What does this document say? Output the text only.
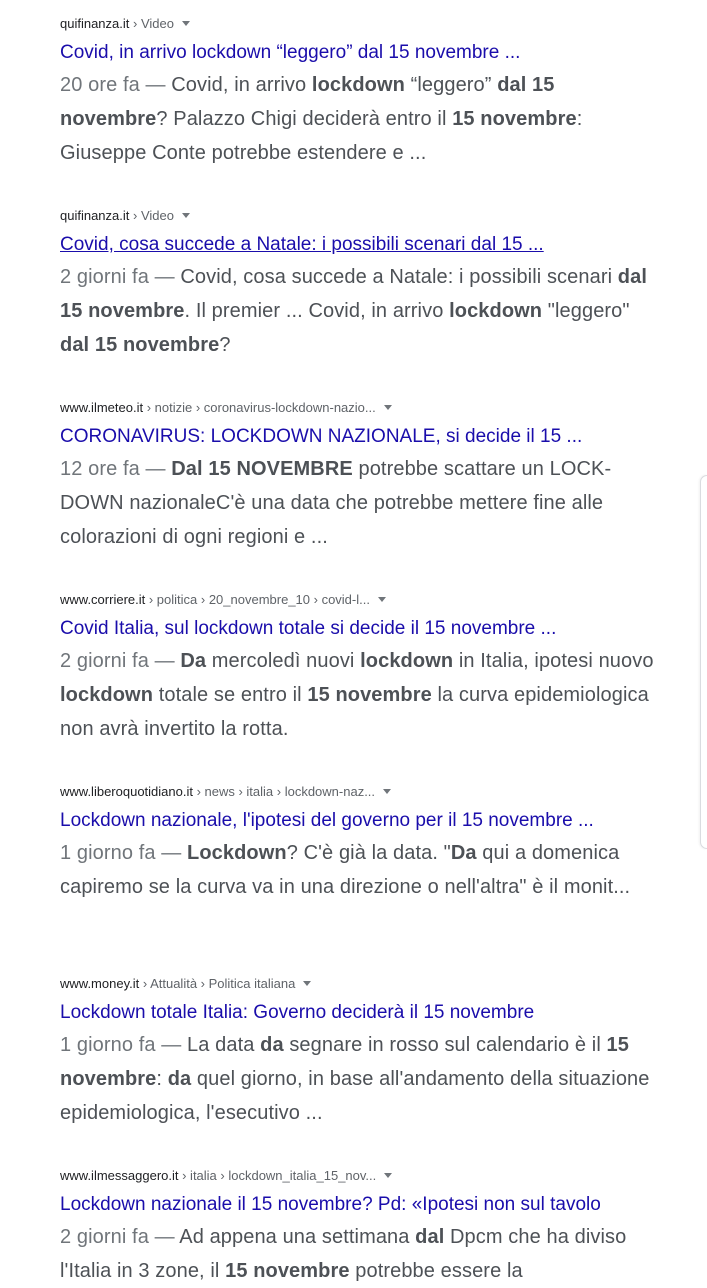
quifinanza.it › Video
Covid, in arrivo lockdown “leggero” dal 15 novembre ...
20 ore fa — Covid, in arrivo lockdown “leggero” dal 15 novembre? Palazzo Chigi deciderà entro il 15 novembre: Giuseppe Conte potrebbe estendere e ...
quifinanza.it › Video
Covid, cosa succede a Natale: i possibili scenari dal 15 ...
2 giorni fa — Covid, cosa succede a Natale: i possibili scenari dal 15 novembre. Il premier ... Covid, in arrivo lockdown "leggero" dal 15 novembre?
www.ilmeteo.it › notizie › coronavirus-lockdown-nazio...
CORONAVIRUS: LOCKDOWN NAZIONALE, si decide il 15 ...
12 ore fa — Dal 15 NOVEMBRE potrebbe scattare un LOCK-DOWN nazionaleC'è una data che potrebbe mettere fine alle colorazioni di ogni regioni e ...
www.corriere.it › politica › 20_novembre_10 › covid-l...
Covid Italia, sul lockdown totale si decide il 15 novembre ...
2 giorni fa — Da mercoledì nuovi lockdown in Italia, ipotesi nuovo lockdown totale se entro il 15 novembre la curva epidemiologica non avrà invertito la rotta.
www.liberoquotidiano.it › news › italia › lockdown-naz...
Lockdown nazionale, l'ipotesi del governo per il 15 novembre ...
1 giorno fa — Lockdown? C'è già la data. "Da qui a domenica capiremo se la curva va in una direzione o nell'altra" è il monit...
www.money.it › Attualità › Politica italiana
Lockdown totale Italia: Governo deciderà il 15 novembre
1 giorno fa — La data da segnare in rosso sul calendario è il 15 novembre: da quel giorno, in base all'andamento della situazione epidemiologica, l'esecutivo ...
www.ilmessaggero.it › italia › lockdown_italia_15_nov...
Lockdown nazionale il 15 novembre? Pd: «Ipotesi non sul tavolo
2 giorni fa — Ad appena una settimana dal Dpcm che ha diviso l'Italia in 3 zone, il 15 novembre potrebbe essere la
